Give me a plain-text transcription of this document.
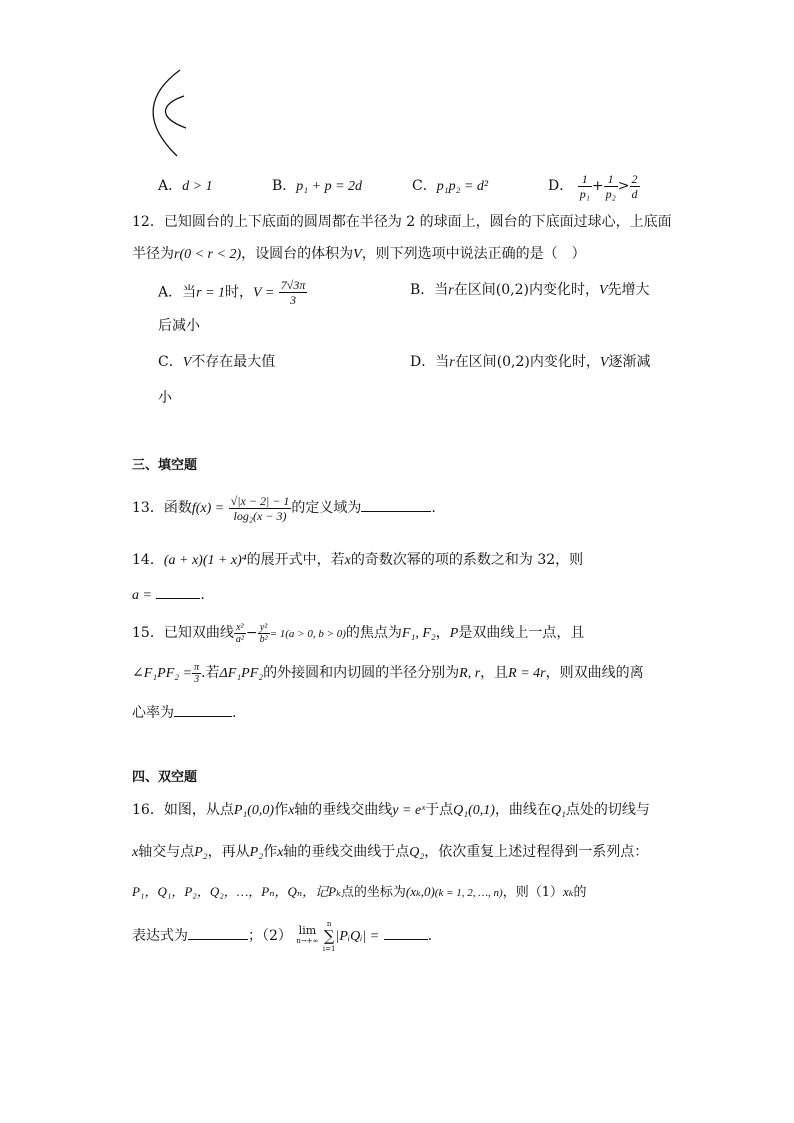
A．d > 1	B．p₁ + p = 2d	C．p₁p₂ = d²	D． $\frac{1}{\text{p₁}} + \frac{1}{\text{p₂}} > \frac{2}{d}$
12．已知圆台的上下底面的圆周都在半径为 2 的球面上，圆台的下底面过球心，上底面
半径为r(0 < r < 2)，设圆台的体积为V，则下列选项中说法正确的是（　）
A．当r = 1时，$V = \frac{7√3\pi}{3}$	B．当r在区间(0,2)内变化时，V先增大
后减小
C．V不存在最大值	D．当r在区间(0,2)内变化时，V逐渐减
小
三、填空题
13．函数$f(x) = \frac{√|x - 2| - 1}{\text{log₂(x − 3)}}$ 的定义域为	.
14．(a + x)(1 + x)⁴的展开式中，若x的奇数次幂的项的系数之和为 32，则
a =	.
15．已知双曲线 $\frac{\text{x²}}{\text{a²}} - \frac{\text{y²}}{\text{b²}} = 1(a > 0$, b > 0)的焦点为F₁, F₂，P是双曲线上一点，且
∠F₁PF₂ = $\frac{\pi}{3}$ .若ΔF₁PF₂的外接圆和内切圆的半径分别为R, r，且R = 4r，则双曲线的离
心率为	.
四、双空题
16．如图，从点P₁(0,0)作x轴的垂线交曲线y = eˣ于点Q₁(0,1)，曲线在Q₁点处的切线与
x轴交与点P₂，再从P₂作x轴的垂线交曲线于点Q₂，依次重复上述过程得到一系列点：
P₁，Q₁，P₂，Q₂，…，Pₙ，Qₙ，记Pₖ点的坐标为(xₖ,0)(k = 1, 2, …, n)，则（1）xₖ的
表达式为	；（2） lim
n→+∞

n
∑
i=1
|PᵢQᵢ| =	.
